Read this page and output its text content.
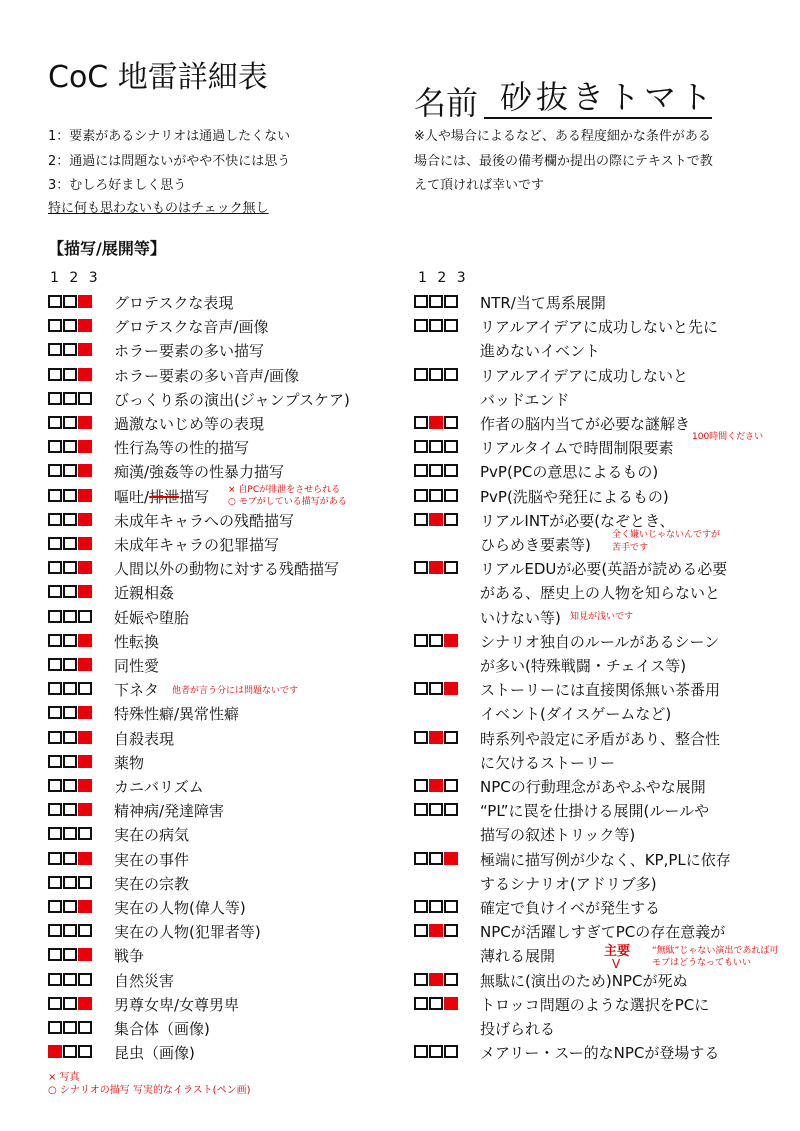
CoC 地雷詳細表
名前 砂抜きトマト
1：要素があるシナリオは通過したくない
2：通過には問題ないがやや不快には思う
3：むしろ好ましく思う
特に何も思わないものはチェック無し
※人や場合によるなど、ある程度細かな条件がある
場合には、最後の備考欄か提出の際にテキストで教
えて頂ければ幸いです
【描写/展開等】
1 2 3	1 2 3
グロテスクな表現
グロテスクな音声/画像
ホラー要素の多い描写
ホラー要素の多い音声/画像
びっくり系の演出(ジャンプスケア)
過激ないじめ等の表現
性行為等の性的描写
痴漢/強姦等の性暴力描写
嘔吐/排泄描写
未成年キャラへの残酷描写
未成年キャラの犯罪描写
人間以外の動物に対する残酷描写
近親相姦
妊娠や堕胎
性転換
同性愛
下ネタ
特殊性癖/異常性癖
自殺表現
薬物
カニバリズム
精神病/発達障害
実在の病気
実在の事件
実在の宗教
実在の人物(偉人等)
実在の人物(犯罪者等)
戦争
自然災害
男尊女卑/女尊男卑
集合体（画像)
昆虫（画像)
NTR/当て馬系展開
リアルアイデアに成功しないと先に
進めないイベント
リアルアイデアに成功しないと
バッドエンド
作者の脳内当てが必要な謎解き
リアルタイムで時間制限要素
PvP(PCの意思によるもの)
PvP(洗脳や発狂によるもの)
リアルINTが必要(なぞとき、
ひらめき要素等)
リアルEDUが必要(英語が読める必要
がある、歴史上の人物を知らないと
いけない等)
シナリオ独自のルールがあるシーン
が多い(特殊戦闘・チェイス等)
ストーリーには直接関係無い茶番用
イベント(ダイスゲームなど)
時系列や設定に矛盾があり、整合性
に欠けるストーリー
NPCの行動理念があやふやな展開
“PL”に罠を仕掛ける展開(ルールや
描写の叙述トリック等)
極端に描写例が少なく、KP,PLに依存
するシナリオ(アドリブ多)
確定で負けイベが発生する
NPCが活躍しすぎてPCの存在意義が
薄れる展開
無駄に(演出のため)NPCが死ぬ
トロッコ問題のような選択をPCに
投げられる
メアリー・スー的なNPCが登場する
× 自PCが排泄をさせられる
○ モブがしている描写がある
他者が言う分には問題ないです
100時間ください
全く嫌いじゃないんですが
苦手です
知見が浅いです
主要
V
“無駄”じゃない演出であれば可
モブはどうなってもいい
× 写真
○ シナリオの描写 写実的なイラスト(ペン画)
